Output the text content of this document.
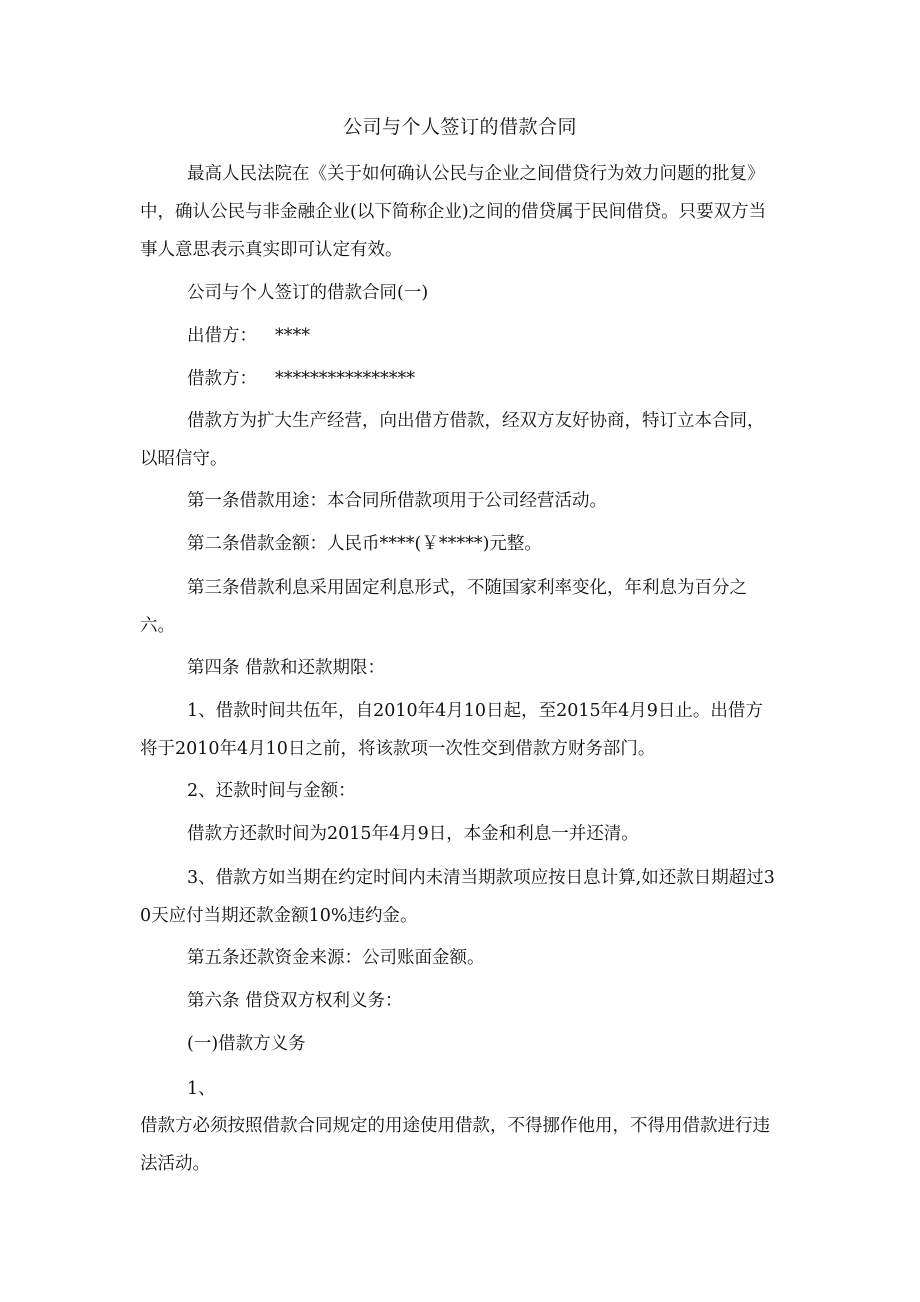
公司与个人签订的借款合同

最高人民法院在《关于如何确认公民与企业之间借贷行为效力问题的批复》中，确认公民与非金融企业(以下简称企业)之间的借贷属于民间借贷。只要双方当事人意思表示真实即可认定有效。

公司与个人签订的借款合同(一)

出借方： ****

借款方： ****************

借款方为扩大生产经营，向出借方借款，经双方友好协商，特订立本合同，以昭信守。

第一条借款用途：本合同所借款项用于公司经营活动。

第二条借款金额：人民币****(￥*****)元整。

第三条借款利息采用固定利息形式，不随国家利率变化，年利息为百分之六。

第四条 借款和还款期限：

1、借款时间共伍年，自2010年4月10日起，至2015年4月9日止。出借方将于2010年4月10日之前，将该款项一次性交到借款方财务部门。

2、还款时间与金额：

借款方还款时间为2015年4月9日，本金和利息一并还清。

3、借款方如当期在约定时间内未清当期款项应按日息计算,如还款日期超过30天应付当期还款金额10%违约金。

第五条还款资金来源：公司账面金额。

第六条 借贷双方权利义务：

(一)借款方义务

1、

借款方必须按照借款合同规定的用途使用借款，不得挪作他用，不得用借款进行违法活动。
